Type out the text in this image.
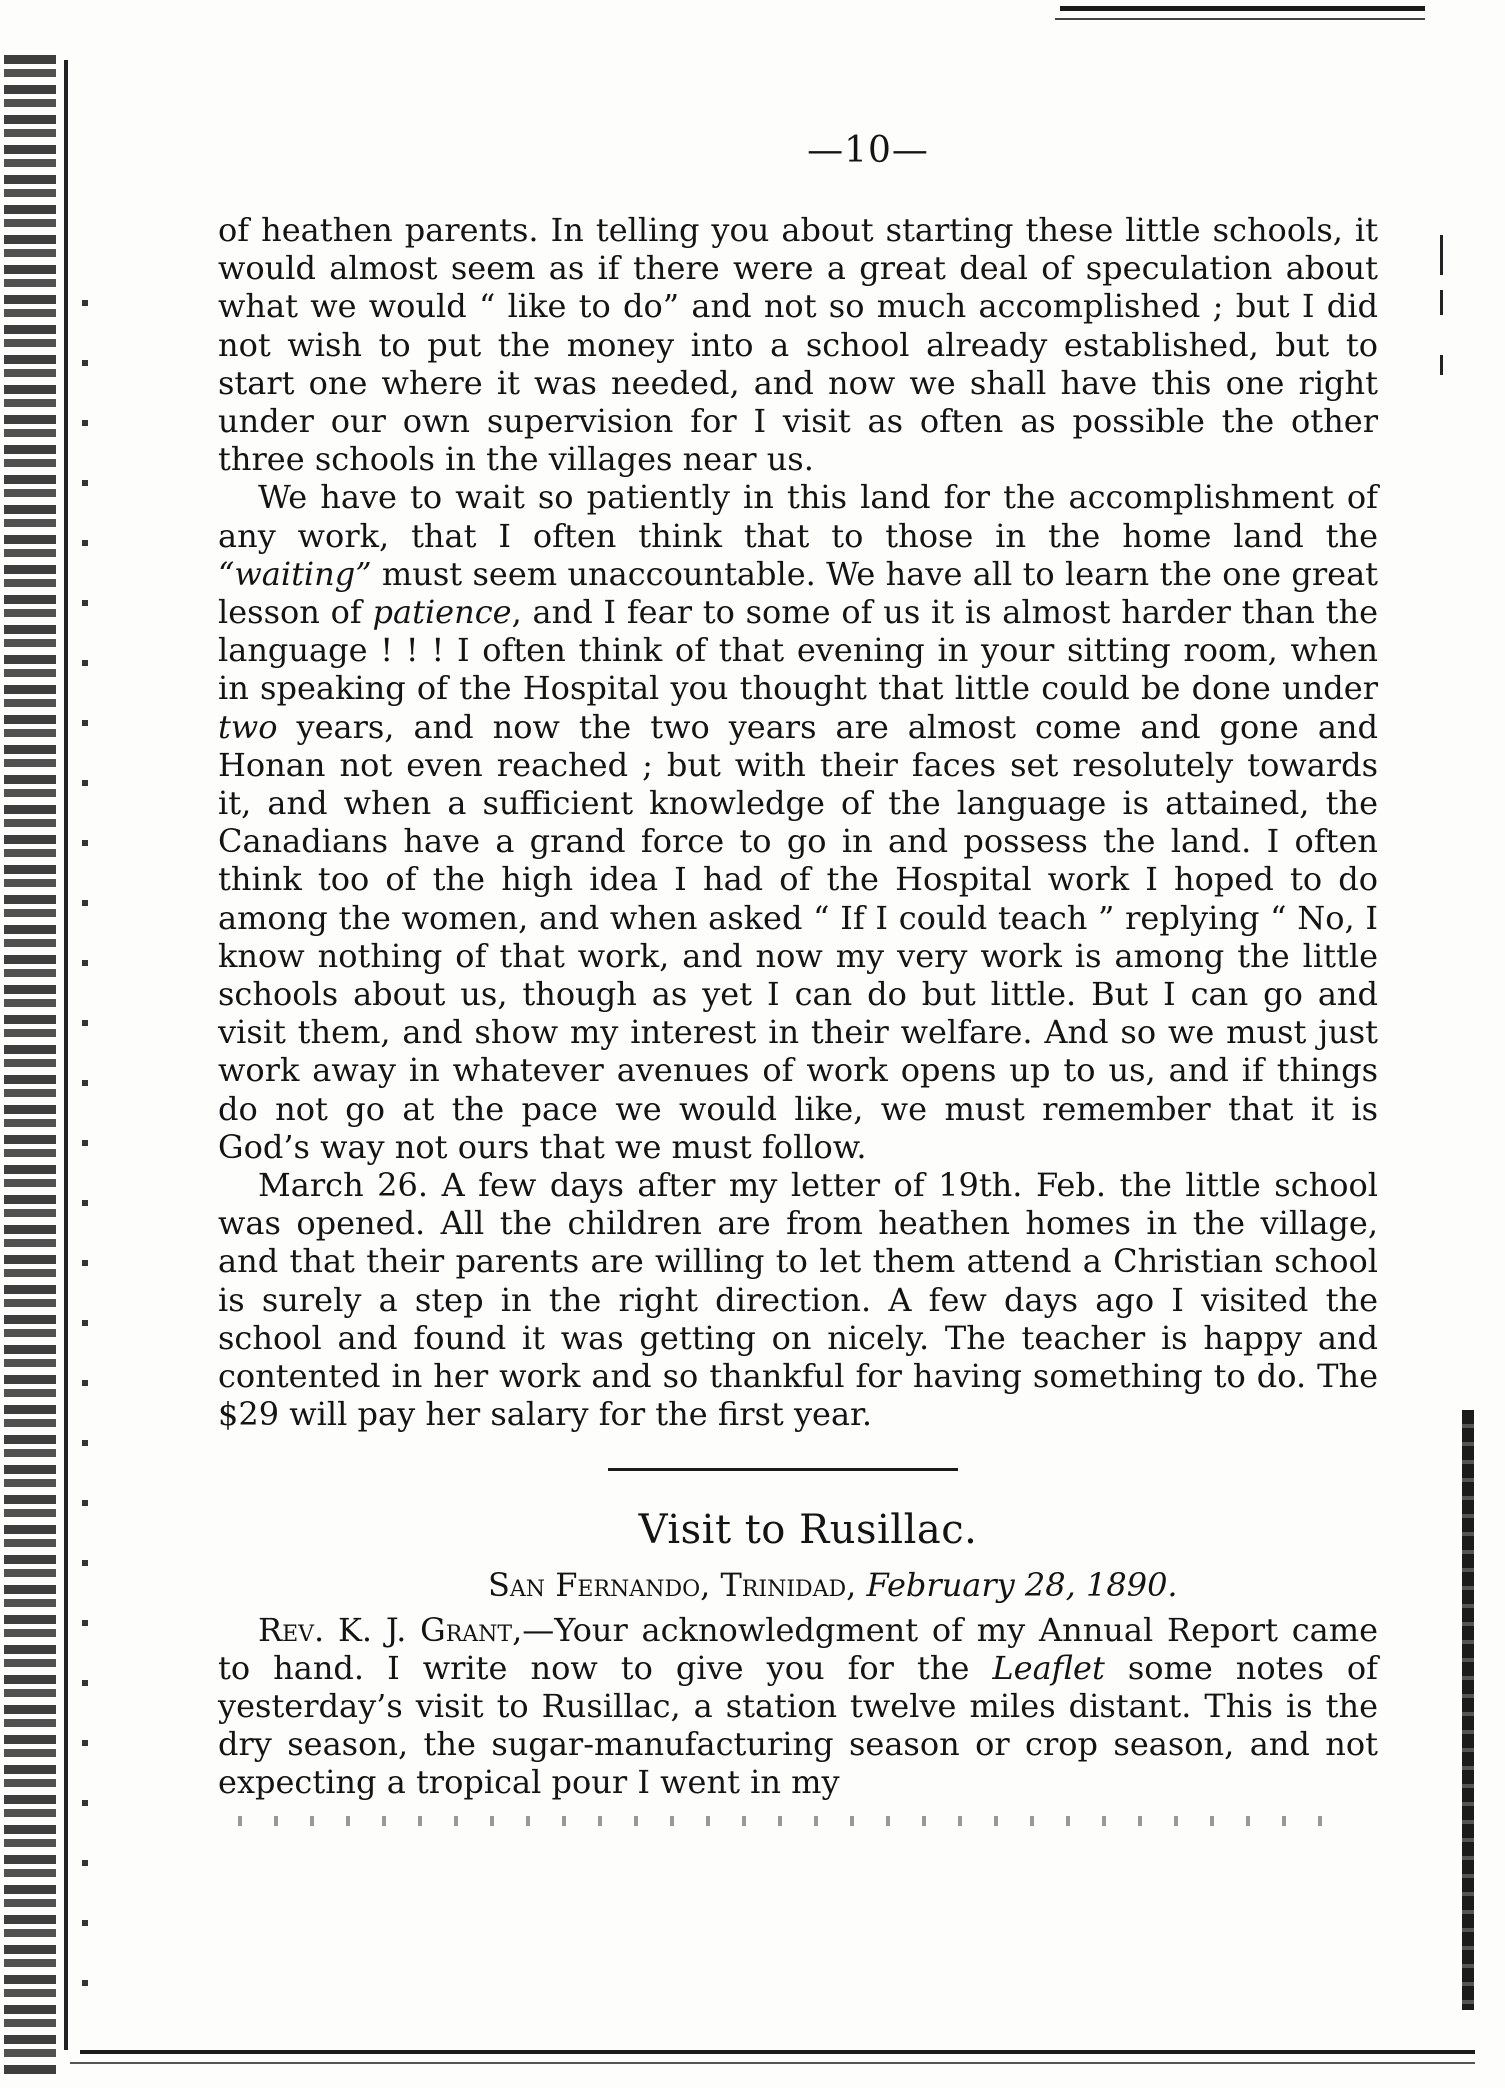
—10—

of heathen parents. In telling you about starting these little schools, it would almost seem as if there were a great deal of speculation about what we would “ like to do” and not so much accomplished ; but I did not wish to put the money into a school already established, but to start one where it was needed, and now we shall have this one right under our own supervision for I visit as often as possible the other three schools in the villages near us.

We have to wait so patiently in this land for the accomplishment of any work, that I often think that to those in the home land the “waiting” must seem unaccountable. We have all to learn the one great lesson of patience, and I fear to some of us it is almost harder than the language ! ! ! I often think of that evening in your sitting room, when in speaking of the Hospital you thought that little could be done under two years, and now the two years are almost come and gone and Honan not even reached ; but with their faces set resolutely towards it, and when a sufficient knowledge of the language is attained, the Canadians have a grand force to go in and possess the land. I often think too of the high idea I had of the Hospital work I hoped to do among the women, and when asked “ If I could teach ” replying “ No, I know nothing of that work, and now my very work is among the little schools about us, though as yet I can do but little. But I can go and visit them, and show my interest in their welfare. And so we must just work away in whatever avenues of work opens up to us, and if things do not go at the pace we would like, we must remember that it is God’s way not ours that we must follow.

March 26. A few days after my letter of 19th. Feb. the little school was opened. All the children are from heathen homes in the village, and that their parents are willing to let them attend a Christian school is surely a step in the right direction. A few days ago I visited the school and found it was getting on nicely. The teacher is happy and contented in her work and so thankful for having something to do. The $29 will pay her salary for the first year.

Visit to Rusillac.
San Fernando, Trinidad, February 28, 1890.

Rev. K. J. Grant,—Your acknowledgment of my Annual Report came to hand. I write now to give you for the Leaflet some notes of yesterday’s visit to Rusillac, a station twelve miles distant. This is the dry season, the sugar-manufacturing season or crop season, and not expecting a tropical pour I went in my
